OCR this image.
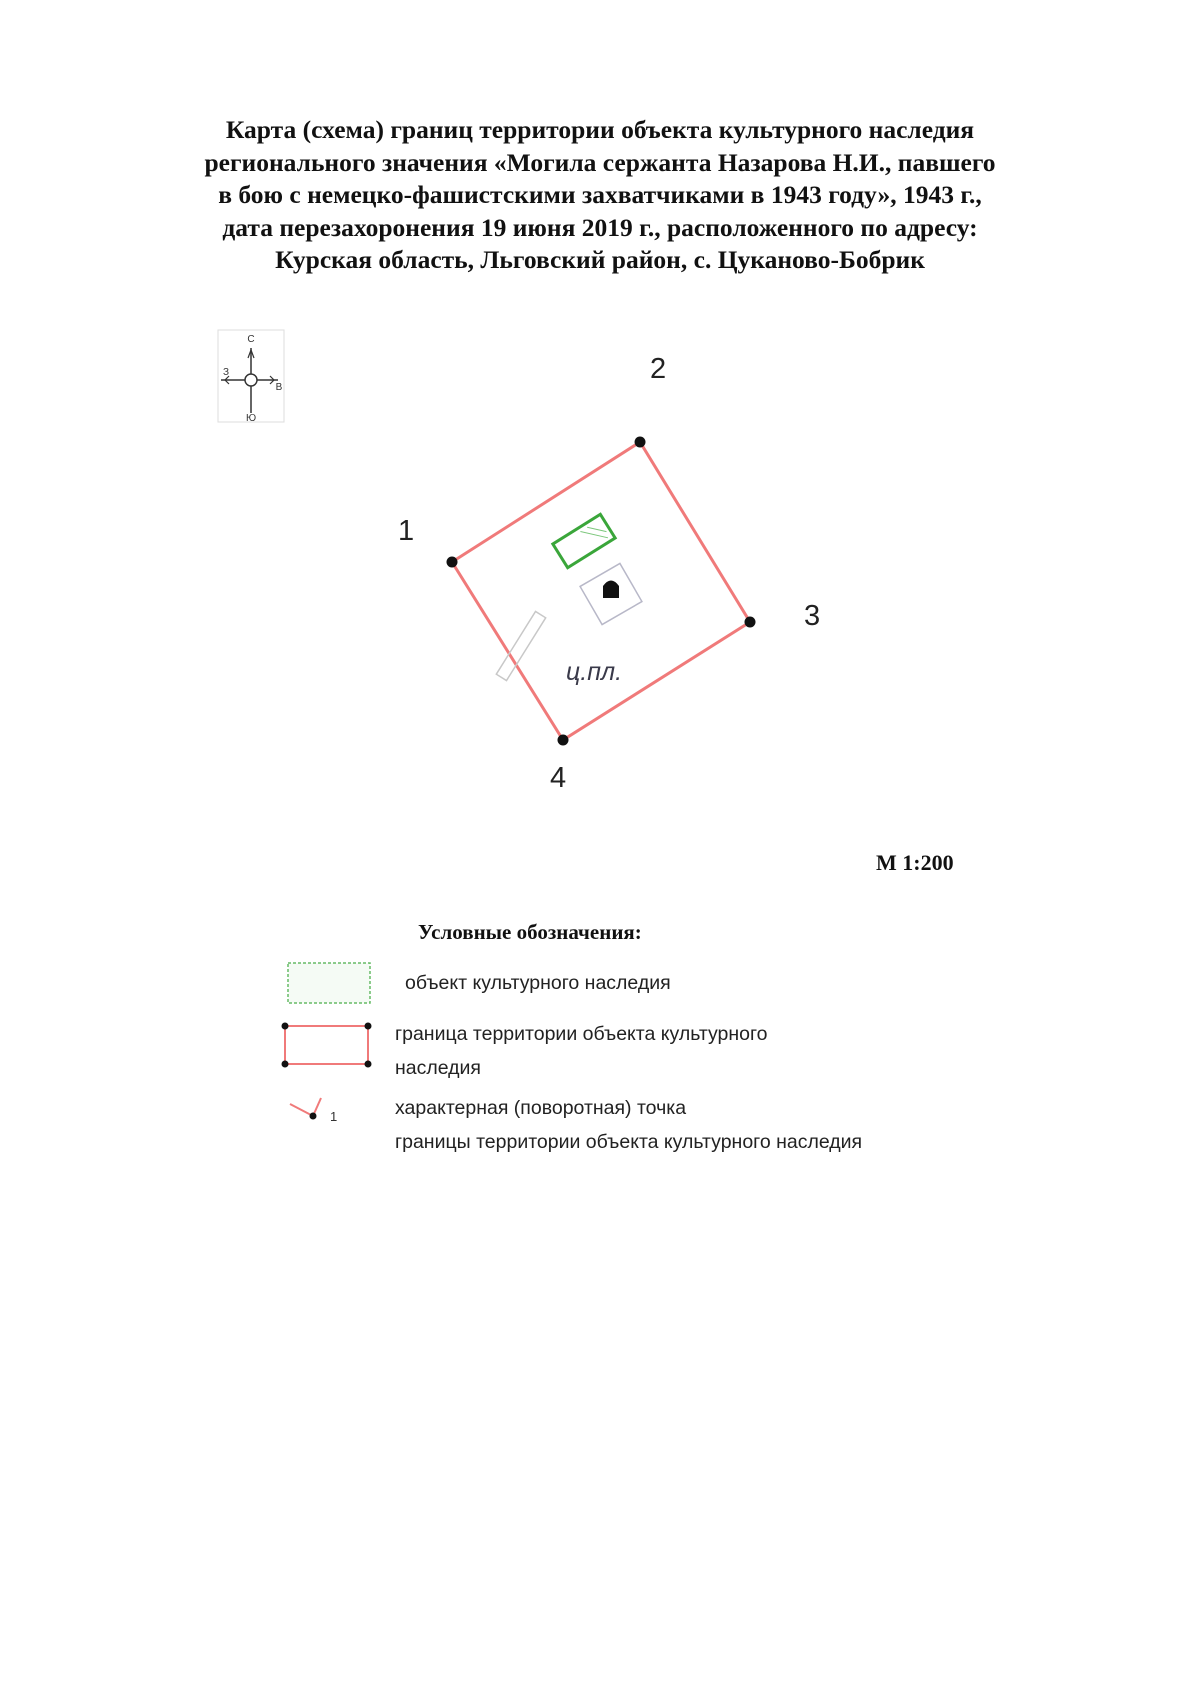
Карта (схема) границ территории объекта культурного наследия
регионального значения «Могила сержанта Назарова Н.И., павшего
в бою с немецко-фашистскими захватчиками в 1943 году», 1943 г.,
дата перезахоронения 19 июня 2019 г., расположенного по адресу:
Курская область, Льговский район, с. Цуканово-Бобрик
С
Ю
З
В
1
2
3
4
ц.пл.
М 1:200
Условные обозначения:
1
объект культурного наследия
граница территории объекта культурного
наследия
характерная (поворотная) точка
границы территории объекта культурного наследия
